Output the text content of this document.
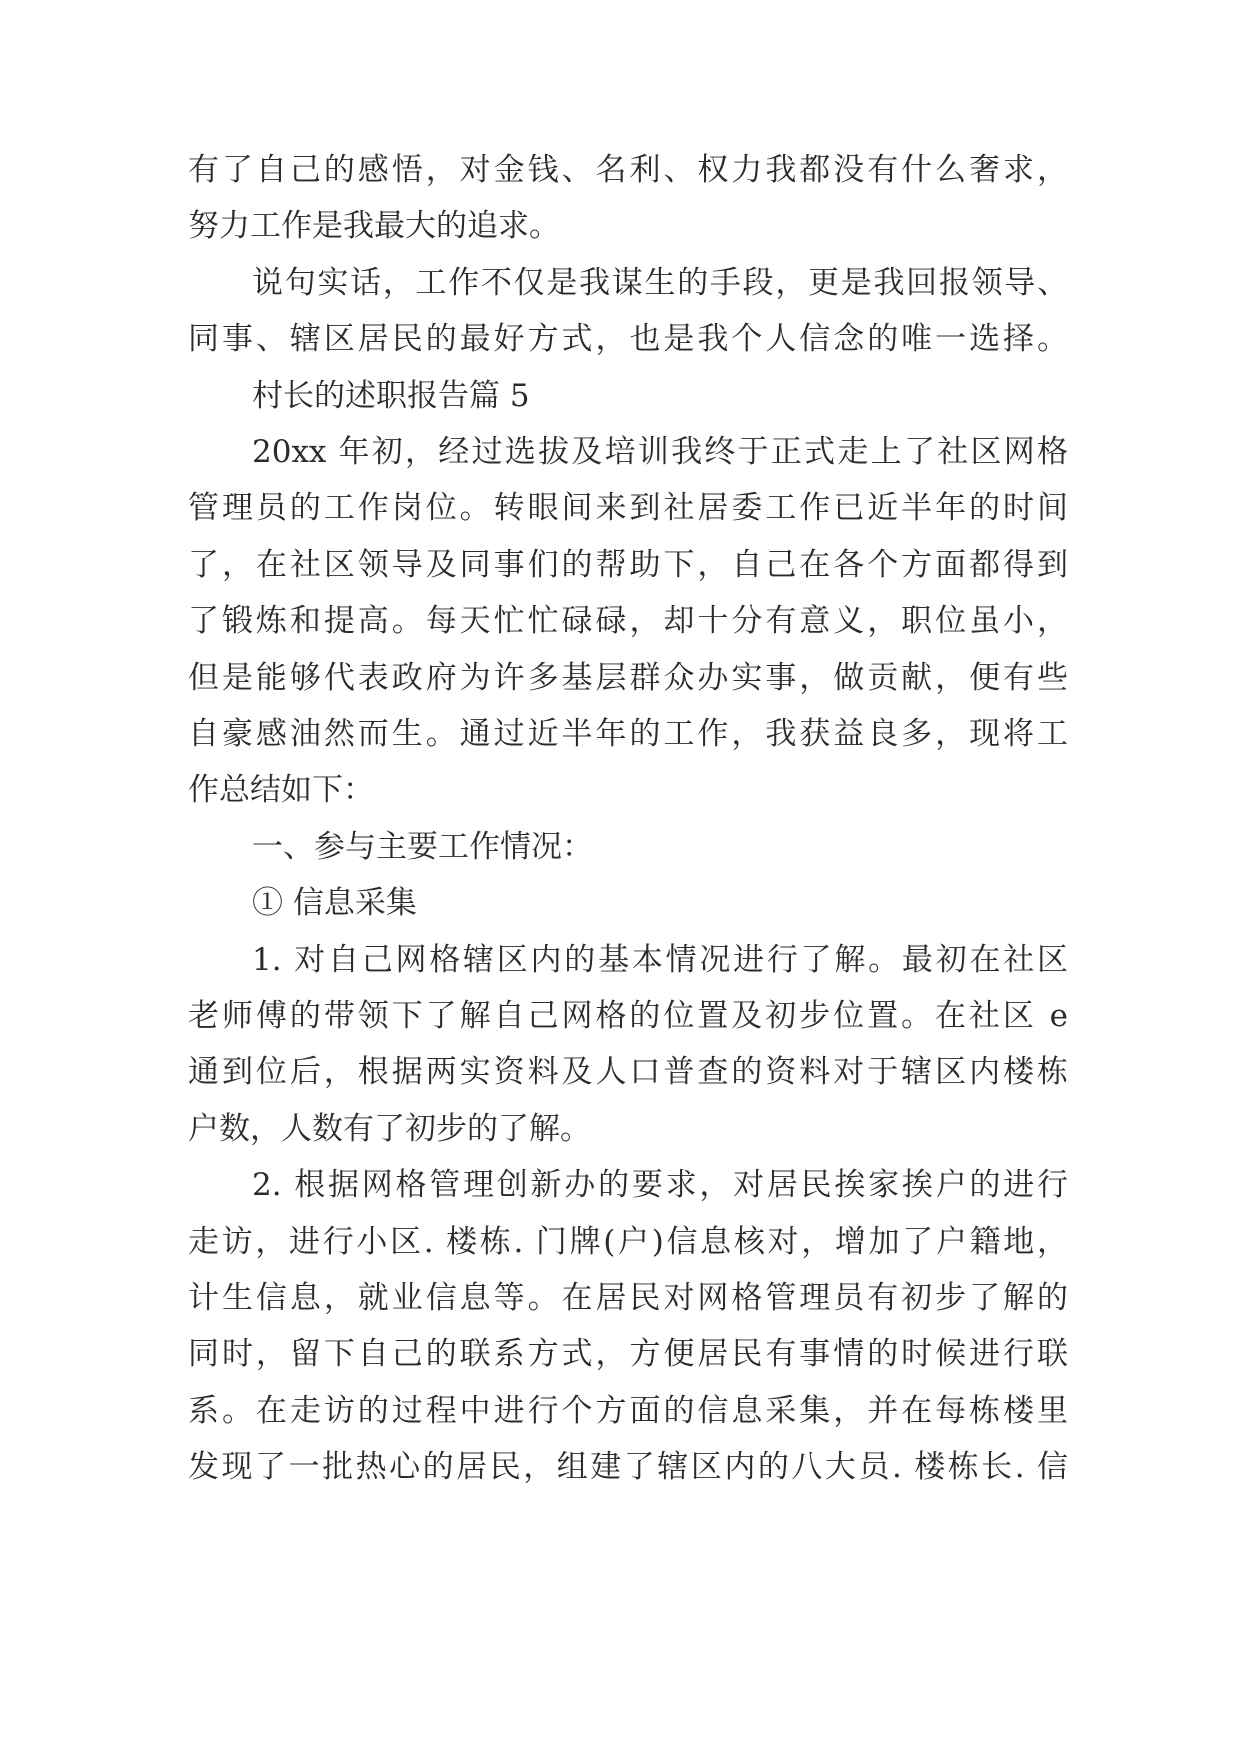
有了自己的感悟，对金钱、名利、权力我都没有什么奢求，
努力工作是我最大的追求。
说句实话，工作不仅是我谋生的手段，更是我回报领导、
同事、辖区居民的最好方式，也是我个人信念的唯一选择。
村长的述职报告篇 5
20xx 年初，经过选拔及培训我终于正式走上了社区网格
管理员的工作岗位。转眼间来到社居委工作已近半年的时间
了，在社区领导及同事们的帮助下，自己在各个方面都得到
了锻炼和提高。每天忙忙碌碌，却十分有意义，职位虽小，
但是能够代表政府为许多基层群众办实事，做贡献，便有些
自豪感油然而生。通过近半年的工作，我获益良多，现将工
作总结如下：
一、参与主要工作情况：
① 信息采集
1. 对自己网格辖区内的基本情况进行了解。最初在社区
老师傅的带领下了解自己网格的位置及初步位置。在社区 e
通到位后，根据两实资料及人口普查的资料对于辖区内楼栋
户数，人数有了初步的了解。
2. 根据网格管理创新办的要求，对居民挨家挨户的进行
走访，进行小区. 楼栋. 门牌(户)信息核对，增加了户籍地，
计生信息，就业信息等。在居民对网格管理员有初步了解的
同时，留下自己的联系方式，方便居民有事情的时候进行联
系。在走访的过程中进行个方面的信息采集，并在每栋楼里
发现了一批热心的居民，组建了辖区内的八大员. 楼栋长. 信
